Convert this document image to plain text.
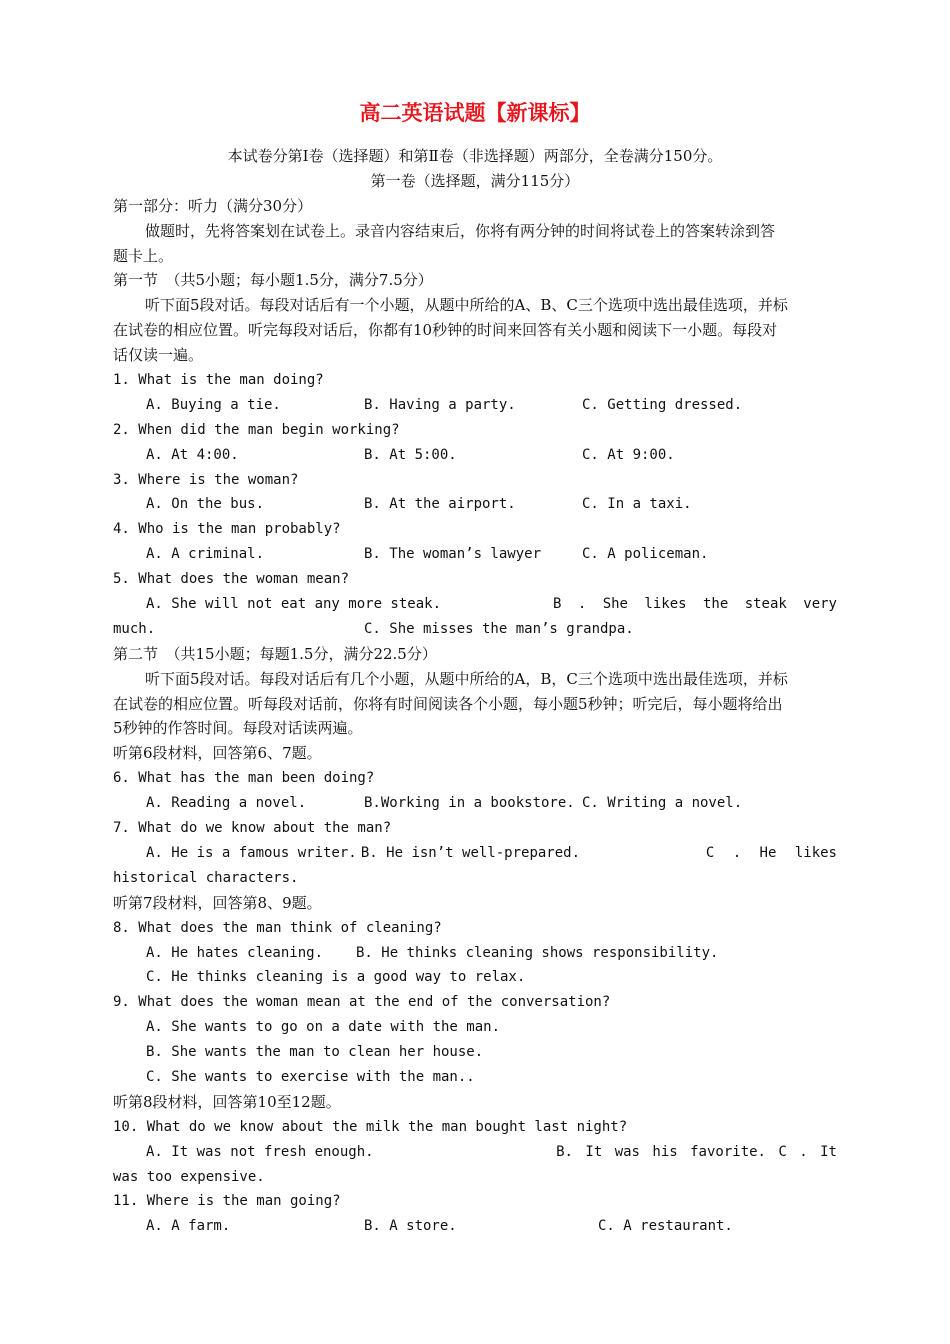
高二英语试题【新课标】
本试卷分第Ⅰ卷（选择题）和第Ⅱ卷（非选择题）两部分，全卷满分150分。
第一卷（选择题，满分115分）
第一部分：听力（满分30分）
做题时，先将答案划在试卷上。录音内容结束后，你将有两分钟的时间将试卷上的答案转涂到答
题卡上。
第一节　（共5小题；每小题1.5分，满分7.5分）
听下面5段对话。每段对话后有一个小题，从题中所给的A、B、C三个选项中选出最佳选项，并标
在试卷的相应位置。听完每段对话后，你都有10秒钟的时间来回答有关小题和阅读下一小题。每段对
话仅读一遍。
1. What is the man doing?
A. Buying a tie.	B. Having a party.	C. Getting dressed.
2. When did the man begin working?
A. At 4:00.	B. At 5:00.	C. At 9:00.
3. Where is the woman?
A. On the bus.	B. At the airport.	C. In a taxi.
4. Who is the man probably?
A. A criminal.	B. The woman’s lawyer	C. A policeman.
5. What does the woman mean?
A. She will not eat any more steak.	B . She likes the steak very
much.	C. She misses the man’s grandpa.
第二节　（共15小题；每题1.5分，满分22.5分）
听下面5段对话。每段对话后有几个小题，从题中所给的A，B，C三个选项中选出最佳选项，并标
在试卷的相应位置。听每段对话前，你将有时间阅读各个小题，每小题5秒钟；听完后，每小题将给出
5秒钟的作答时间。每段对话读两遍。
听第6段材料，回答第6、7题。
6. What has the man been doing?
A. Reading a novel.	B.Working in a bookstore. C. Writing a novel.
7. What do we know about the man?
A. He is a famous writer. B. He isn’t well-prepared.	C . He likes
historical characters.
听第7段材料，回答第8、9题。
8. What does the man think of cleaning?
A. He hates cleaning.	B. He thinks cleaning shows responsibility.
C. He thinks cleaning is a good way to relax.
9. What does the woman mean at the end of the conversation?
A. She wants to go on a date with the man.
B. She wants the man to clean her house.
C. She wants to exercise with the man..
听第8段材料，回答第10至12题。
10. What do we know about the milk the man bought last night?
A. It was not fresh enough.	B. It was his favorite. C . It
was too expensive.
11. Where is the man going?
A. A farm.	B. A store.	C. A restaurant.
